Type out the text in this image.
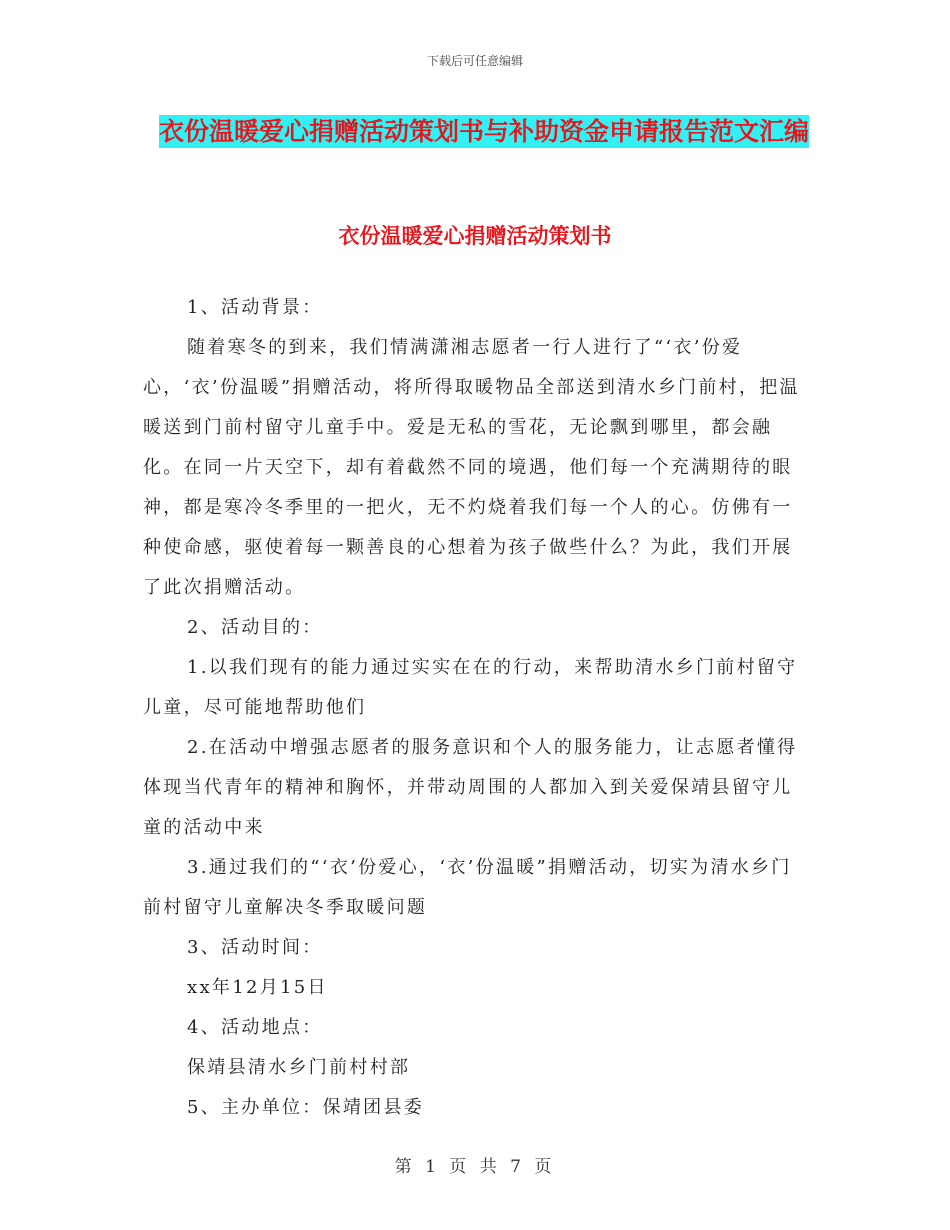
下载后可任意编辑
衣份温暖爱心捐赠活动策划书与补助资金申请报告范文汇编
衣份温暖爱心捐赠活动策划书

1、活动背景：

随着寒冬的到来，我们情满潇湘志愿者一行人进行了“‘衣’份爱心，‘衣’份温暖”捐赠活动，将所得取暖物品全部送到清水乡门前村，把温暖送到门前村留守儿童手中。爱是无私的雪花，无论飘到哪里，都会融化。在同一片天空下，却有着截然不同的境遇，他们每一个充满期待的眼神，都是寒冷冬季里的一把火，无不灼烧着我们每一个人的心。仿佛有一种使命感，驱使着每一颗善良的心想着为孩子做些什么？为此，我们开展了此次捐赠活动。

2、活动目的：

1.以我们现有的能力通过实实在在的行动，来帮助清水乡门前村留守儿童，尽可能地帮助他们

2.在活动中增强志愿者的服务意识和个人的服务能力，让志愿者懂得体现当代青年的精神和胸怀，并带动周围的人都加入到关爱保靖县留守儿童的活动中来

3.通过我们的“‘衣’份爱心，‘衣’份温暖”捐赠活动，切实为清水乡门前村留守儿童解决冬季取暖问题

3、活动时间：

xx年12月15日

4、活动地点：

保靖县清水乡门前村村部

5、主办单位：保靖团县委

第 1 页 共 7 页
